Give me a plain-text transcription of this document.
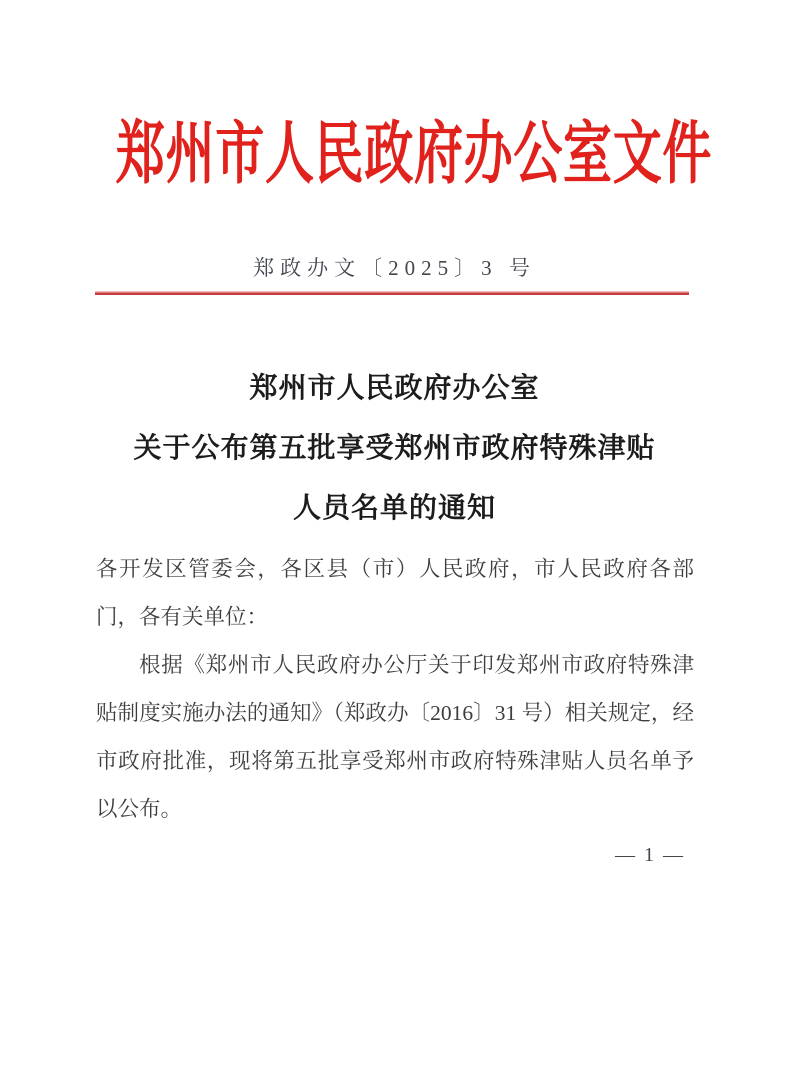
郑州市人民政府办公室文件
郑政办文〔2025〕3 号
郑州市人民政府办公室
关于公布第五批享受郑州市政府特殊津贴
人员名单的通知

各开发区管委会，各区县（市）人民政府，市人民政府各部门，各有关单位：

根据《郑州市人民政府办公厅关于印发郑州市政府特殊津贴制度实施办法的通知》（郑政办〔2016〕31 号）相关规定，经市政府批准，现将第五批享受郑州市政府特殊津贴人员名单予以公布。

— 1 —
